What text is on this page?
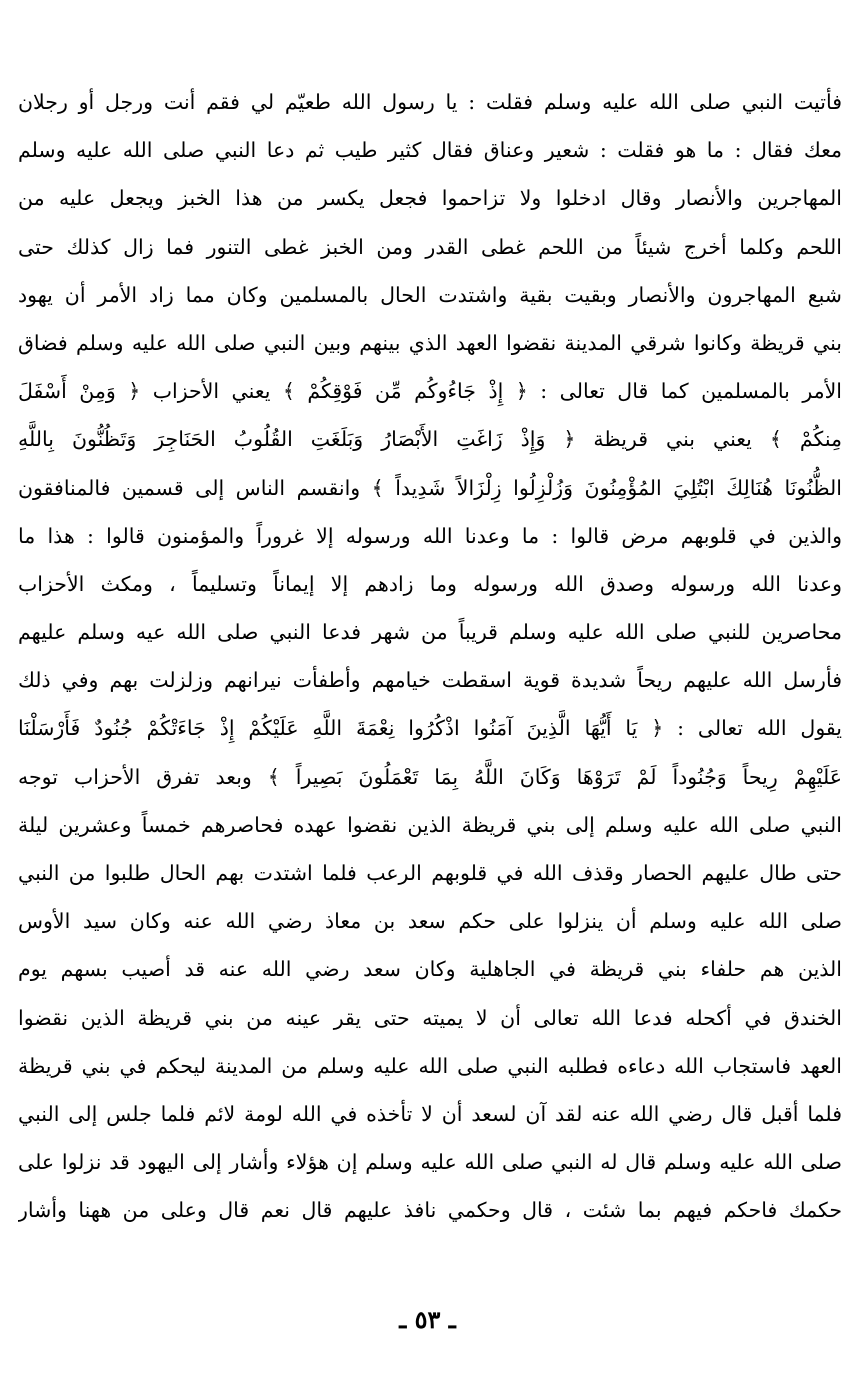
فأتيت النبي صلى الله عليه وسلم فقلت : يا رسول الله طعيّم لي فقم أنت ورجل أو رجلان
معك فقال : ما هو فقلت : شعير وعناق فقال كثير طيب ثم دعا النبي صلى الله عليه وسلم
المهاجرين والأنصار وقال ادخلوا ولا تزاحموا فجعل يكسر من هذا الخبز ويجعل عليه من
اللحم وكلما أخرج شيئاً من اللحم غطى القدر ومن الخبز غطى التنور فما زال كذلك حتى
شبع المهاجرون والأنصار وبقيت بقية واشتدت الحال بالمسلمين وكان مما زاد الأمر أن يهود
بني قريظة وكانوا شرقي المدينة نقضوا العهد الذي بينهم وبين النبي صلى الله عليه وسلم فضاق
الأمر بالمسلمين كما قال تعالى : ﴿ إِذْ جَاءُوكُم مِّن فَوْقِكُمْ ﴾ يعني الأحزاب ﴿ وَمِنْ أَسْفَلَ
مِنكُمْ ﴾ يعني بني قريظة ﴿ وَإِذْ زَاغَتِ الأَبْصَارُ وَبَلَغَتِ القُلُوبُ الحَنَاجِرَ وَتَظُنُّونَ بِاللَّهِ
الظُّنُونَا هُنَالِكَ ابْتُلِيَ المُؤْمِنُونَ وَزُلْزِلُوا زِلْزَالاً شَدِيداً ﴾ وانقسم الناس إلى قسمين فالمنافقون
والذين في قلوبهم مرض قالوا : ما وعدنا الله ورسوله إلا غروراً والمؤمنون قالوا : هذا ما
وعدنا الله ورسوله وصدق الله ورسوله وما زادهم إلا إيماناً وتسليماً ، ومكث الأحزاب
محاصرين للنبي صلى الله عليه وسلم قريباً من شهر فدعا النبي صلى الله عيه وسلم عليهم
فأرسل الله عليهم ريحاً شديدة قوية اسقطت خيامهم وأطفأت نيرانهم وزلزلت بهم وفي ذلك
يقول الله تعالى : ﴿ يَا أَيُّهَا الَّذِينَ آمَنُوا اذْكُرُوا نِعْمَةَ اللَّهِ عَلَيْكُمْ إِذْ جَاءَتْكُمْ جُنُودٌ فَأَرْسَلْنَا
عَلَيْهِمْ رِيحاً وَجُنُوداً لَمْ تَرَوْهَا وَكَانَ اللَّهُ بِمَا تَعْمَلُونَ بَصِيراً ﴾ وبعد تفرق الأحزاب توجه
النبي صلى الله عليه وسلم إلى بني قريظة الذين نقضوا عهده فحاصرهم خمساً وعشرين ليلة
حتى طال عليهم الحصار وقذف الله في قلوبهم الرعب فلما اشتدت بهم الحال طلبوا من النبي
صلى الله عليه وسلم أن ينزلوا على حكم سعد بن معاذ رضي الله عنه وكان سيد الأوس
الذين هم حلفاء بني قريظة في الجاهلية وكان سعد رضي الله عنه قد أصيب بسهم يوم
الخندق في أكحله فدعا الله تعالى أن لا يميته حتى يقر عينه من بني قريظة الذين نقضوا
العهد فاستجاب الله دعاءه فطلبه النبي صلى الله عليه وسلم من المدينة ليحكم في بني قريظة
فلما أقبل قال رضي الله عنه لقد آن لسعد أن لا تأخذه في الله لومة لائم فلما جلس إلى النبي
صلى الله عليه وسلم قال له النبي صلى الله عليه وسلم إن هؤلاء وأشار إلى اليهود قد نزلوا على
حكمك فاحكم فيهم بما شئت ، قال وحكمي نافذ عليهم قال نعم قال وعلى من ههنا وأشار
ـ ٥٣ ـ
